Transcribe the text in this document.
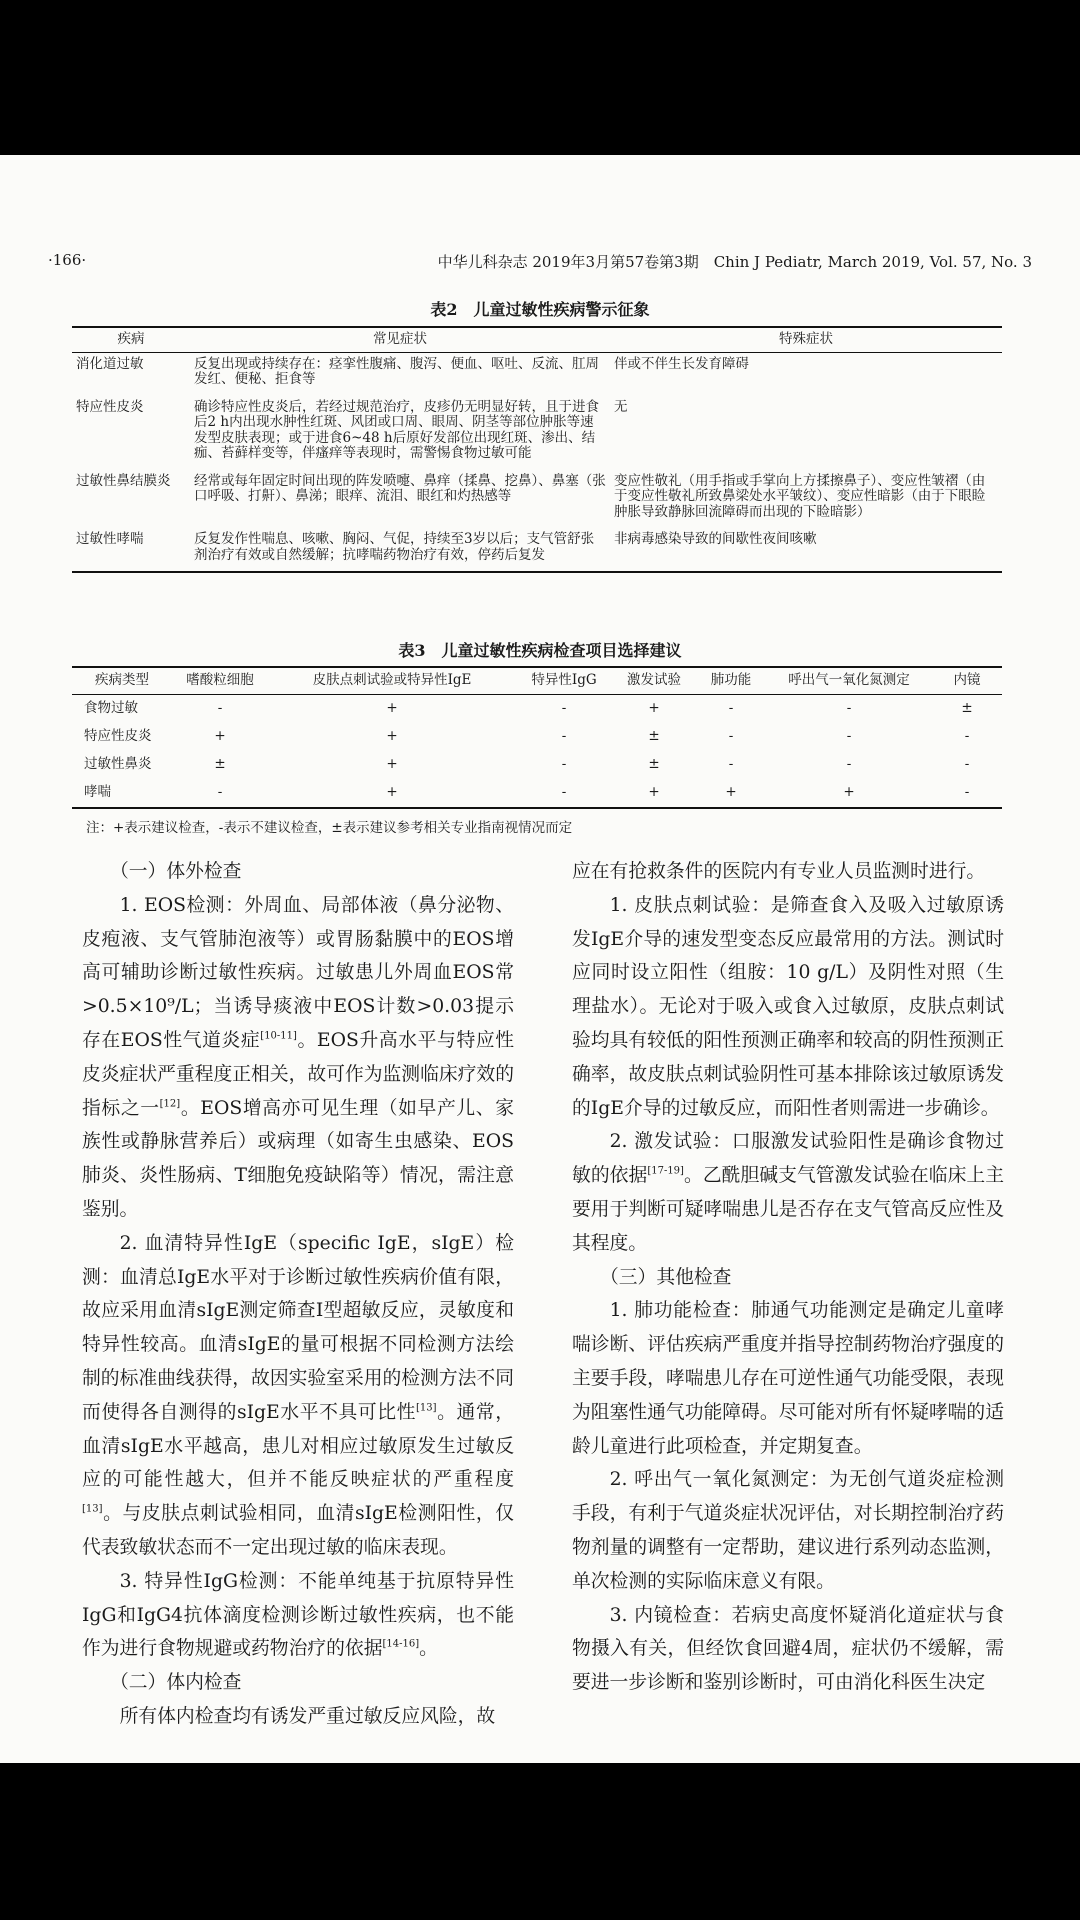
·166·	中华儿科杂志 2019年3月第57卷第3期　Chin J Pediatr, March 2019, Vol. 57, No. 3
表2　儿童过敏性疾病警示征象
疾病	常见症状	特殊症状
消化道过敏	反复出现或持续存在：痉挛性腹痛、腹泻、便血、呕吐、反流、肛周发红、便秘、拒食等	伴或不伴生长发育障碍
特应性皮炎	确诊特应性皮炎后，若经过规范治疗，皮疹仍无明显好转，且于进食后2 h内出现水肿性红斑、风团或口周、眼周、阴茎等部位肿胀等速发型皮肤表现；或于进食6~48 h后原好发部位出现红斑、渗出、结痂、苔藓样变等，伴瘙痒等表现时，需警惕食物过敏可能	无
过敏性鼻结膜炎	经常或每年固定时间出现的阵发喷嚏、鼻痒（揉鼻、挖鼻）、鼻塞（张口呼吸、打鼾）、鼻涕；眼痒、流泪、眼红和灼热感等	变应性敬礼（用手指或手掌向上方揉擦鼻子）、变应性皱褶（由于变应性敬礼所致鼻梁处水平皱纹）、变应性暗影（由于下眼睑肿胀导致静脉回流障碍而出现的下睑暗影）
过敏性哮喘	反复发作性喘息、咳嗽、胸闷、气促，持续至3岁以后；支气管舒张剂治疗有效或自然缓解；抗哮喘药物治疗有效，停药后复发	非病毒感染导致的间歇性夜间咳嗽
表3　儿童过敏性疾病检查项目选择建议
疾病类型	嗜酸粒细胞	皮肤点刺试验或特异性IgE	特异性IgG	激发试验	肺功能	呼出气一氧化氮测定	内镜
食物过敏	-	+	-	+	-	-	±
特应性皮炎	+	+	-	±	-	-	-
过敏性鼻炎	±	+	-	±	-	-	-
哮喘	-	+	-	+	+	+	-
注：+表示建议检查，-表示不建议检查，±表示建议参考相关专业指南视情况而定

（一）体外检查

1. EOS检测：外周血、局部体液（鼻分泌物、皮疱液、支气管肺泡液等）或胃肠黏膜中的EOS增高可辅助诊断过敏性疾病。过敏患儿外周血EOS常>0.5×10⁹/L；当诱导痰液中EOS计数>0.03提示存在EOS性气道炎症[10-11]。EOS升高水平与特应性皮炎症状严重程度正相关，故可作为监测临床疗效的指标之一[12]。EOS增高亦可见生理（如早产儿、家族性或静脉营养后）或病理（如寄生虫感染、EOS肺炎、炎性肠病、T细胞免疫缺陷等）情况，需注意鉴别。

2. 血清特异性IgE（specific IgE，sIgE）检测：血清总IgE水平对于诊断过敏性疾病价值有限，故应采用血清sIgE测定筛查Ⅰ型超敏反应，灵敏度和特异性较高。血清sIgE的量可根据不同检测方法绘制的标准曲线获得，故因实验室采用的检测方法不同而使得各自测得的sIgE水平不具可比性[13]。通常，血清sIgE水平越高，患儿对相应过敏原发生过敏反应的可能性越大，但并不能反映症状的严重程度[13]。与皮肤点刺试验相同，血清sIgE检测阳性，仅代表致敏状态而不一定出现过敏的临床表现。

3. 特异性IgG检测：不能单纯基于抗原特异性IgG和IgG4抗体滴度检测诊断过敏性疾病，也不能作为进行食物规避或药物治疗的依据[14-16]。

（二）体内检查

所有体内检查均有诱发严重过敏反应风险，故

应在有抢救条件的医院内有专业人员监测时进行。

1. 皮肤点刺试验：是筛查食入及吸入过敏原诱发IgE介导的速发型变态反应最常用的方法。测试时应同时设立阳性（组胺：10 g/L）及阴性对照（生理盐水）。无论对于吸入或食入过敏原，皮肤点刺试验均具有较低的阳性预测正确率和较高的阴性预测正确率，故皮肤点刺试验阴性可基本排除该过敏原诱发的IgE介导的过敏反应，而阳性者则需进一步确诊。

2. 激发试验：口服激发试验阳性是确诊食物过敏的依据[17-19]。乙酰胆碱支气管激发试验在临床上主要用于判断可疑哮喘患儿是否存在支气管高反应性及其程度。

（三）其他检查

1. 肺功能检查：肺通气功能测定是确定儿童哮喘诊断、评估疾病严重度并指导控制药物治疗强度的主要手段，哮喘患儿存在可逆性通气功能受限，表现为阻塞性通气功能障碍。尽可能对所有怀疑哮喘的适龄儿童进行此项检查，并定期复查。

2. 呼出气一氧化氮测定：为无创气道炎症检测手段，有利于气道炎症状况评估，对长期控制治疗药物剂量的调整有一定帮助，建议进行系列动态监测，单次检测的实际临床意义有限。

3. 内镜检查：若病史高度怀疑消化道症状与食物摄入有关，但经饮食回避4周，症状仍不缓解，需要进一步诊断和鉴别诊断时，可由消化科医生决定
